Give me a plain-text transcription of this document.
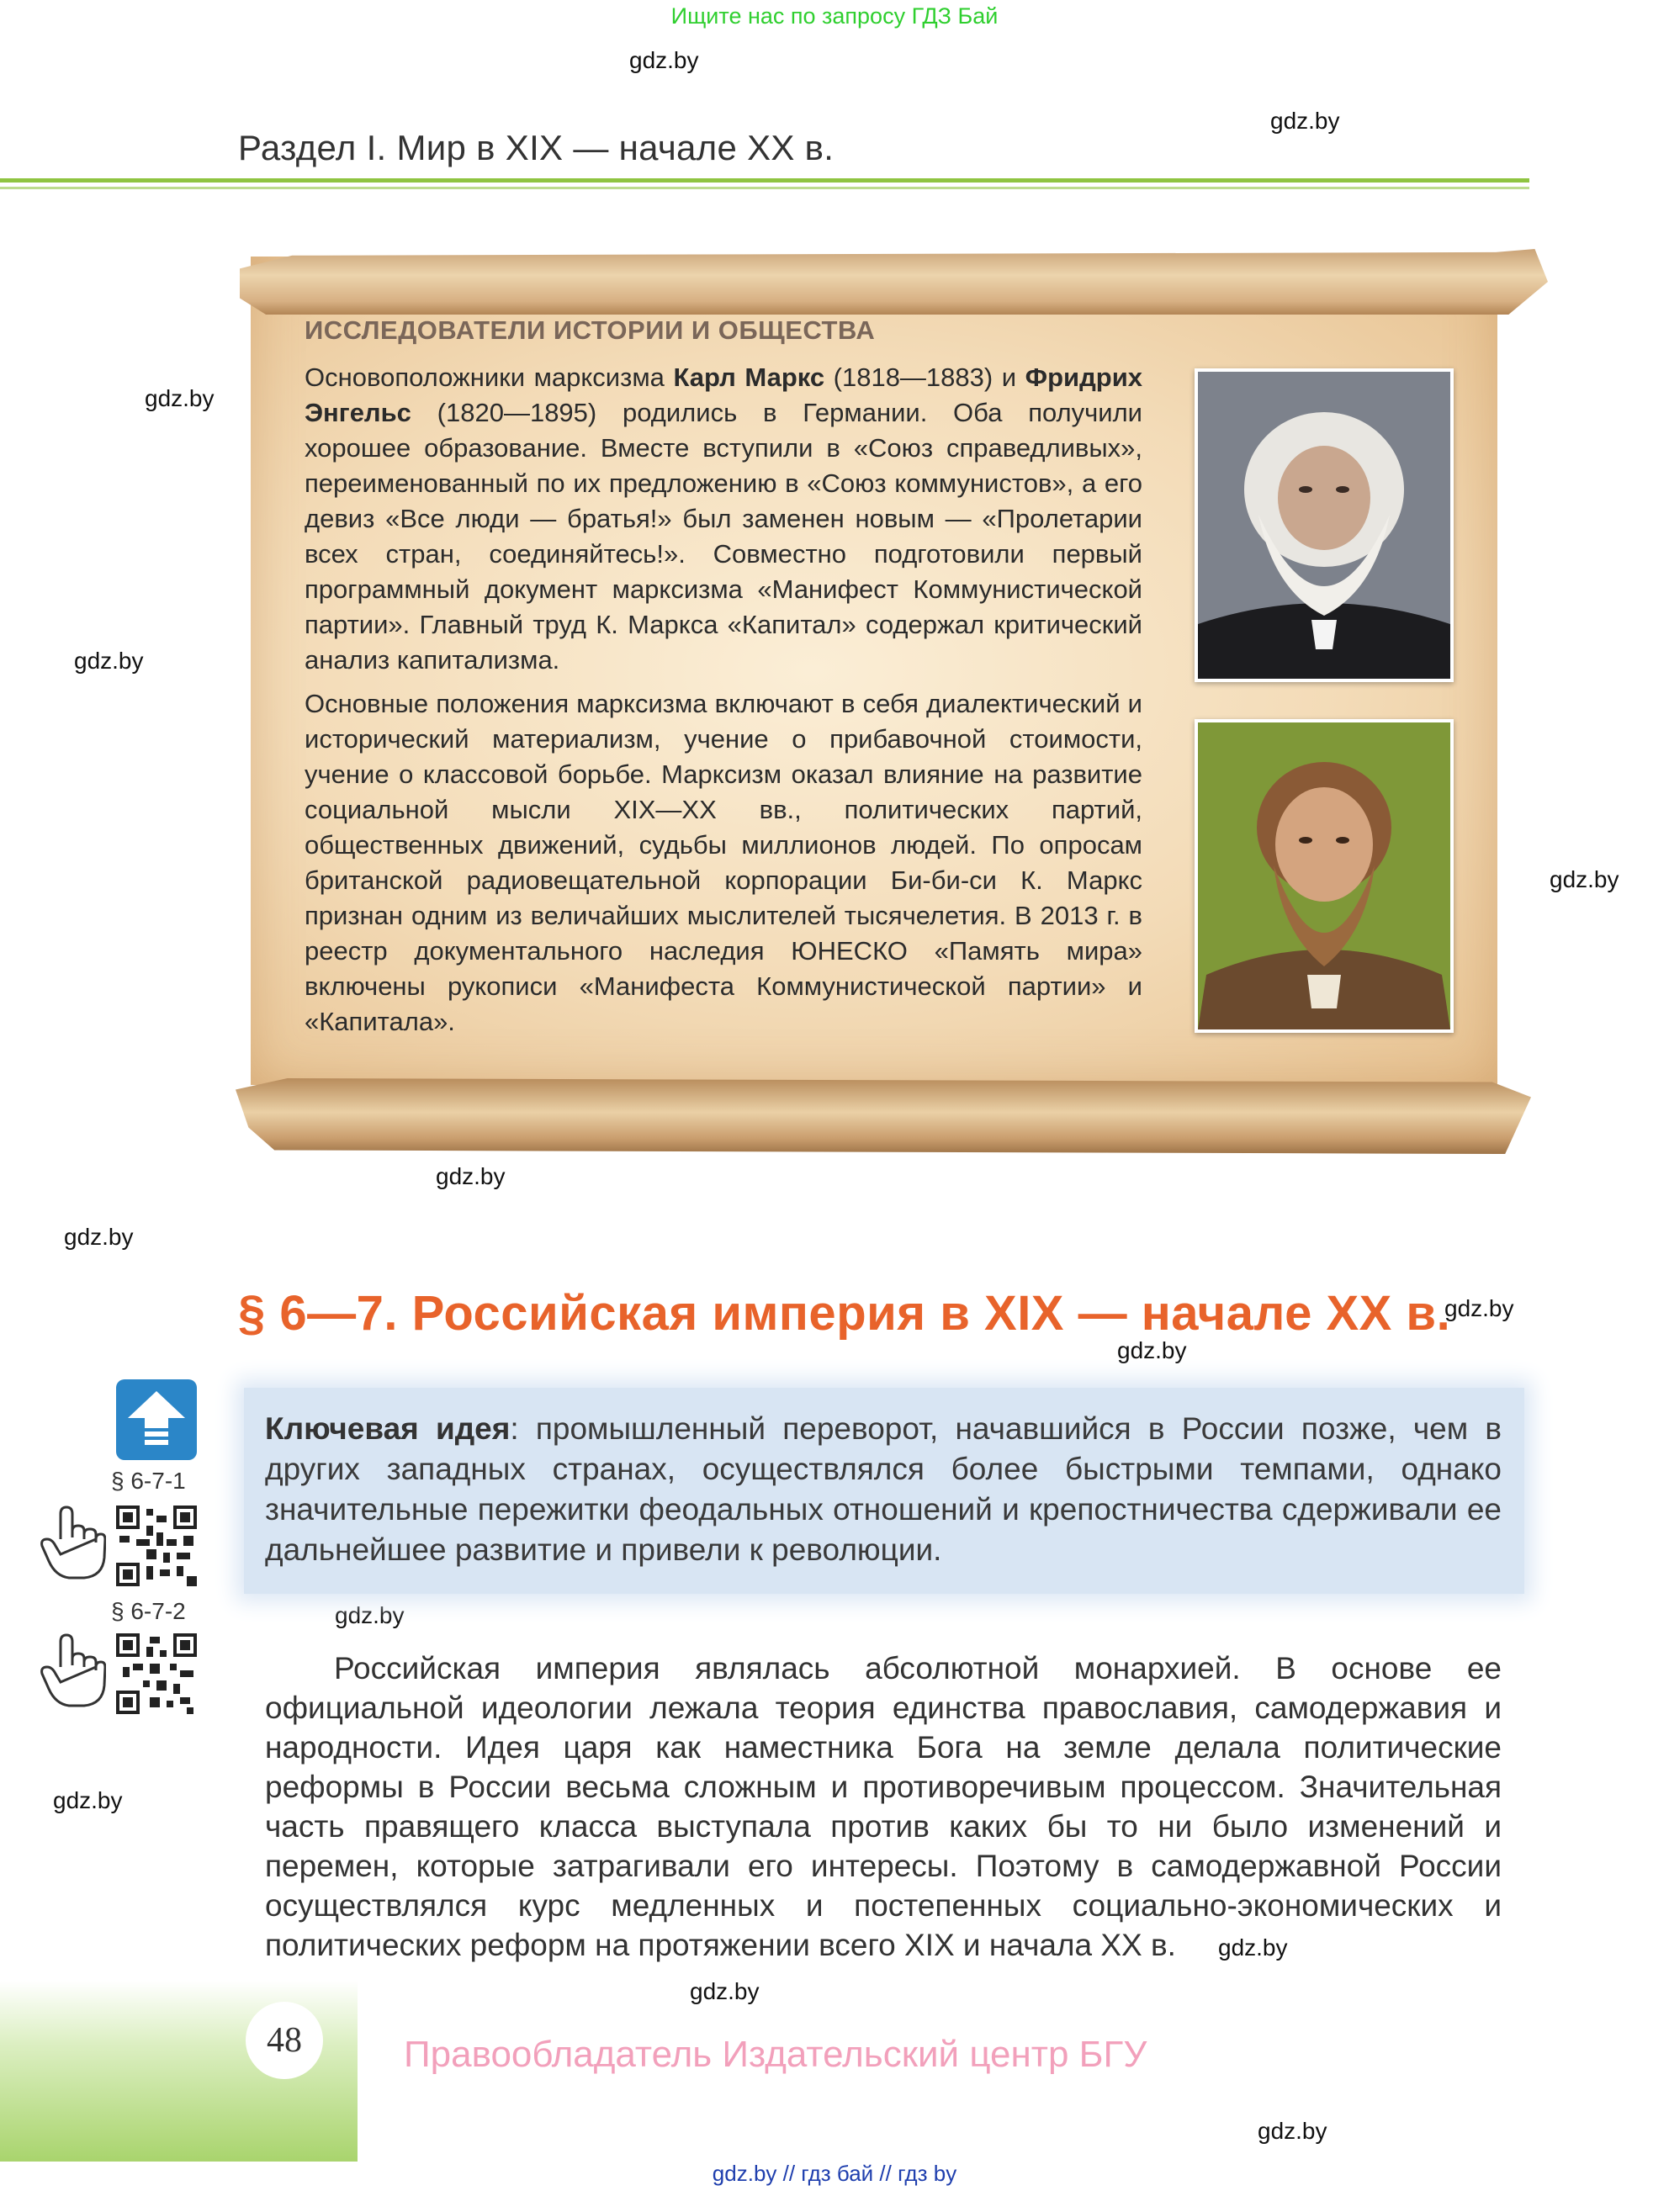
Ищите нас по запросу ГДЗ Бай
gdz.by
gdz.by
gdz.by
gdz.by
gdz.by
gdz.by
gdz.by
gdz.by
gdz.by
gdz.by
gdz.by
gdz.by
gdz.by
gdz.by
Раздел I. Мир в XIX — начале XX в.
ИССЛЕДОВАТЕЛИ ИСТОРИИ И ОБЩЕСТВА

Основоположники марксизма Карл Маркс (1818—1883) и Фридрих Энгельс (1820—1895) родились в Германии. Оба получили хорошее образование. Вместе вступили в «Союз справедливых», переименованный по их предложению в «Союз коммунистов», а его девиз «Все люди — братья!» был заменен новым — «Пролетарии всех стран, соединяйтесь!». Совместно подготовили первый программный документ марксизма «Манифест Коммунистической партии». Главный труд К. Маркса «Капитал» содержал критический анализ капитализма.

Основные положения марксизма включают в себя диалектический и исторический материализм, учение о прибавочной стоимости, учение о классовой борьбе. Марксизм оказал влияние на развитие социальной мысли XIX—XX вв., политических партий, общественных движений, судьбы миллионов людей. По опросам британской радиовещательной корпорации Би-би-си К. Маркс признан одним из величайших мыслителей тысячелетия. В 2013 г. в реестр документального наследия ЮНЕСКО «Память мира» включены рукописи «Манифеста Коммунистической партии» и «Капитала».

§ 6—7. Российская империя в XIX — начале XX в.
Ключевая идея: промышленный переворот, начавшийся в России позже, чем в других западных странах, осуществлялся более быстрыми темпами, однако значительные пережитки феодальных отношений и крепостничества сдерживали ее дальнейшее развитие и привели к революции.
§ 6-7-1
§ 6-7-2
Российская империя являлась абсолютной монархией. В основе ее официальной идеологии лежала теория единства православия, самодержавия и народности. Идея царя как наместника Бога на земле делала политические реформы в России весьма сложным и противоречивым процессом. Значительная часть правящего класса выступала против каких бы то ни было изменений и перемен, которые затрагивали его интересы. Поэтому в самодержавной России осуществлялся курс медленных и постепенных социально-экономических и политических реформ на протяжении всего XIX и начала XX в.
48	Правообладатель Издательский центр БГУ
gdz.by // гдз бай // гдз by
